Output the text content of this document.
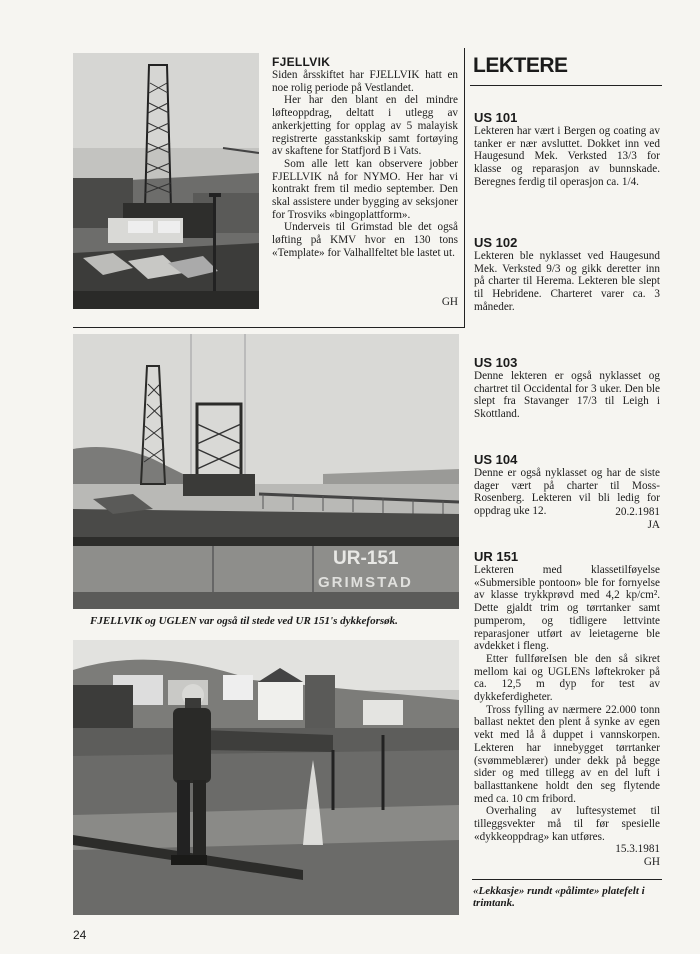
FJELLVIK

Siden årsskiftet har FJELLVIK hatt en noe rolig periode på Vestlandet.

Her har den blant en del mindre løfteoppdrag, deltatt i utlegg av ankerkjetting for opplag av 5 malayisk registrerte gasstankskip samt fortøying av skaftene for Statfjord B i Vats.

Som alle lett kan observere jobber FJELLVIK nå for NYMO. Her har vi kontrakt frem til medio september. Den skal assistere under bygging av seksjoner for Trosviks «bingoplattform».

Underveis til Grimstad ble det også løfting på KMV hvor en 130 tons «Template» for Valhallfeltet ble lastet ut.

GH
UR-151
GRIMSTAD
FJELLVIK og UGLEN var også til stede ved UR 151's dykkeforsøk.
«Lekkasje» rundt «pålimte» platefelt i trimtank.
LEKTERE
US 101

Lekteren har vært i Bergen og coating av tanker er nær avsluttet. Dokket inn ved Haugesund Mek. Verksted 13/3 for klasse og reparasjon av bunnskade. Beregnes ferdig til operasjon ca. 1/4.

US 102

Lekteren ble nyklasset ved Haugesund Mek. Verksted 9/3 og gikk deretter inn på charter til Herema. Lekteren ble slept til Hebridene. Charteret varer ca. 3 måneder.

US 103

Denne lekteren er også nyklasset og chartret til Occidental for 3 uker. Den ble slept fra Stavanger 17/3 til Leigh i Skottland.

US 104

Denne er også nyklasset og har de siste dager vært på charter til Moss-Rosenberg. Lekteren vil bli ledig for oppdrag uke 12.	20.2.1981

JA

UR 151

Lekteren med klassetilføyelse «Submersible pontoon» ble for fornyelse av klasse trykkprøvd med 4,2 kp/cm². Dette gjaldt trim og tørrtanker samt pumperom, og tidligere lettvinte reparasjoner utført av leietagerne ble avdekket i fleng.

Etter fullføreIsen ble den så sikret mellom kai og UGLENs løftekroker på ca. 12,5 m dyp for test av dykkeferdigheter.

Tross fylling av nærmere 22.000 tonn ballast nektet den plent å synke av egen vekt med lå å duppet i vannskorpen. Lekteren har innebygget tørrtanker (svømmeblærer) under dekk på begge sider og med tillegg av en del luft i ballasttankene holdt den seg flytende med ca. 10 cm fribord.

Overhaling av luftesystemet til tilleggsvekter må til før spesielle «dykkeoppdrag» kan utføres.

15.3.1981

GH

24
